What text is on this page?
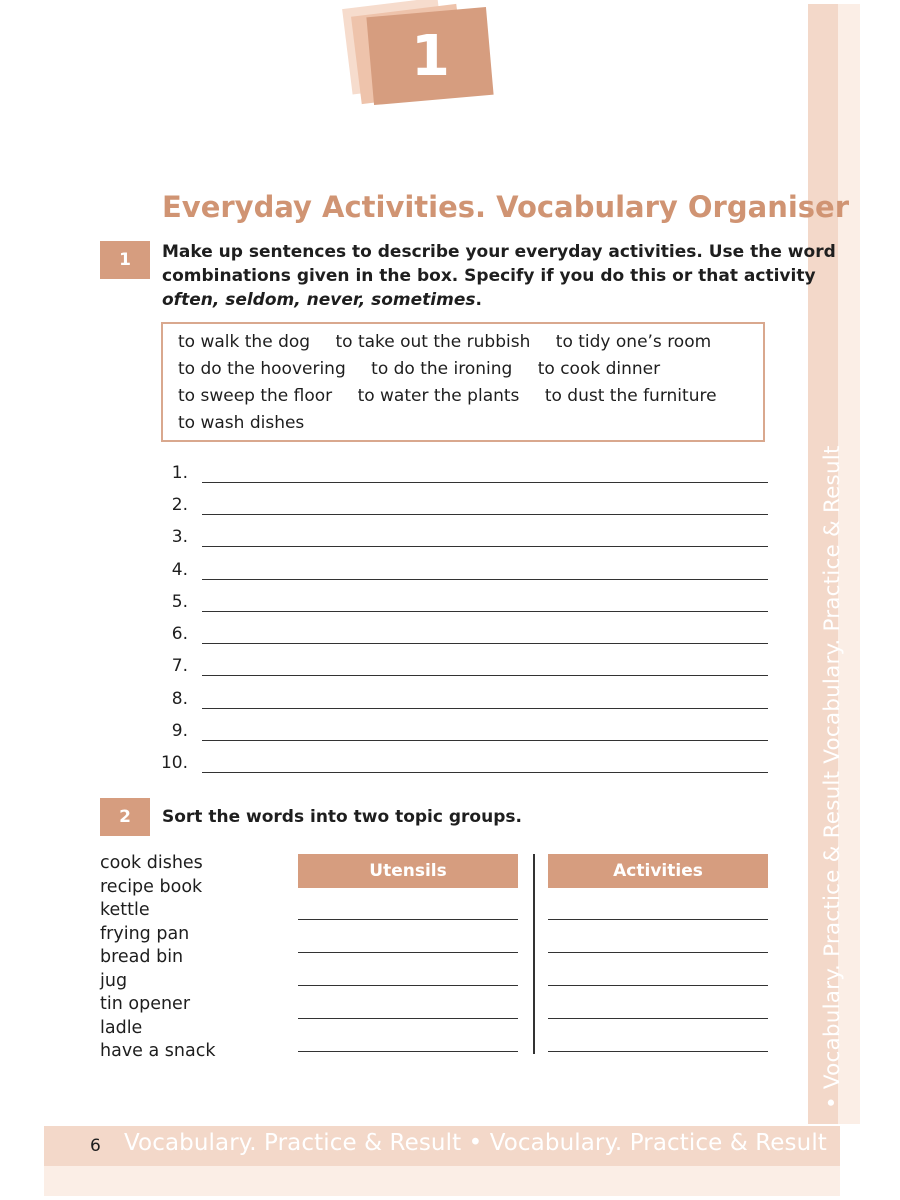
1
• Vocabulary. Practice & Result Vocabulary. Practice & Result
6 Vocabulary. Practice & Result • Vocabulary. Practice & Result
Everyday Activities. Vocabulary Organiser
1	Make up sentences to describe your everyday activities. Use the word
combinations given in the box. Specify if you do this or that activity
often, seldom, never, sometimes.
to walk the dog to take out the rubbish to tidy one’s room
to do the hoovering to do the ironing to cook dinner
to sweep the floor to water the plants to dust the furniture
to wash dishes
1.
2.
3.
4.
5.
6.
7.
8.
9.
10.
2	Sort the words into two topic groups.
cook dishes
recipe book
kettle
frying pan
bread bin
jug
tin opener
ladle
have a snack
Utensils	Activities
